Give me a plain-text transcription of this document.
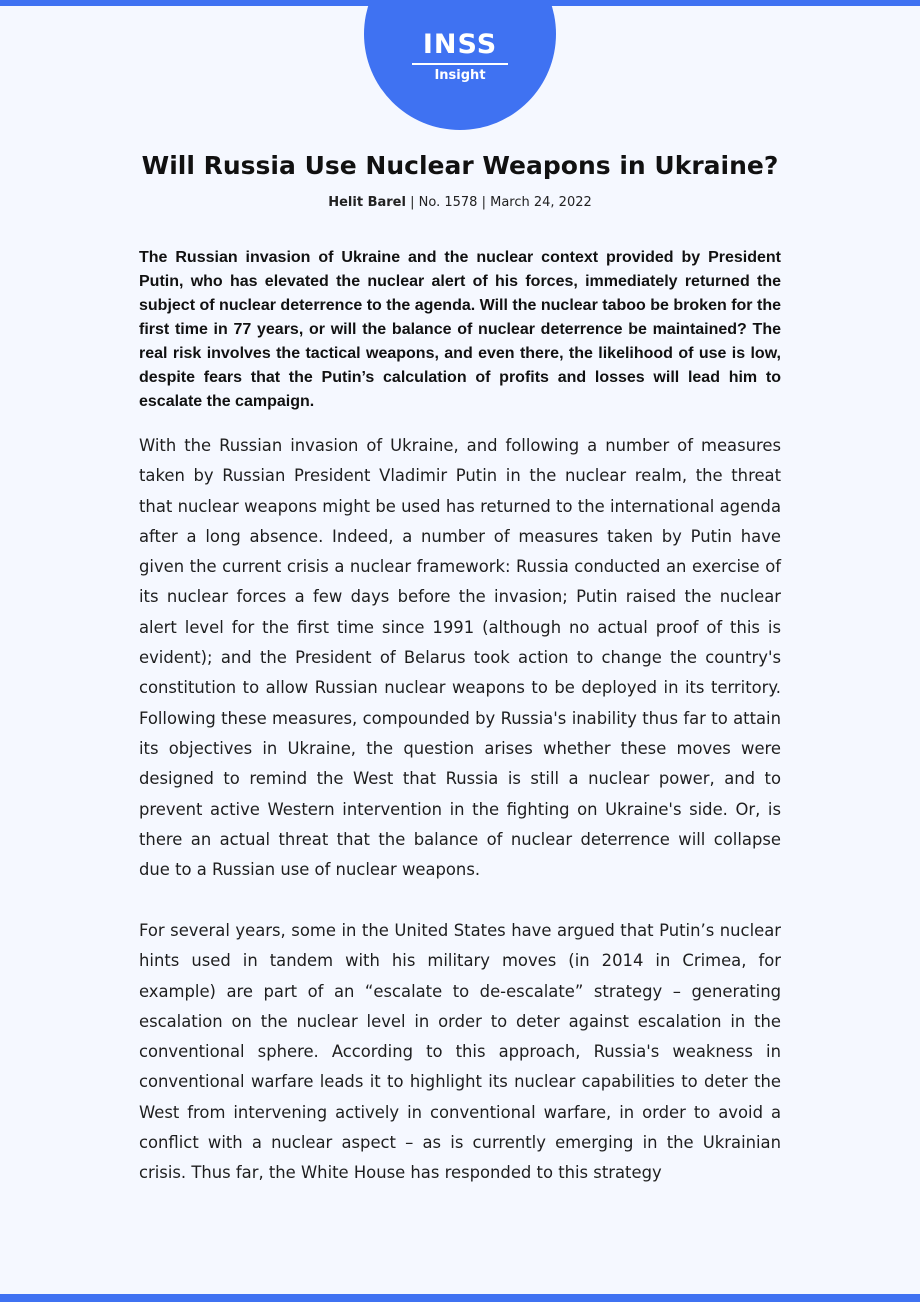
INSS
Insight
Will Russia Use Nuclear Weapons in Ukraine?
Helit Barel | No. 1578 | March 24, 2022

The Russian invasion of Ukraine and the nuclear context provided by President Putin, who has elevated the nuclear alert of his forces, immediately returned the subject of nuclear deterrence to the agenda. Will the nuclear taboo be broken for the first time in 77 years, or will the balance of nuclear deterrence be maintained? The real risk involves the tactical weapons, and even there, the likelihood of use is low, despite fears that the Putin’s calculation of profits and losses will lead him to escalate the campaign.

With the Russian invasion of Ukraine, and following a number of measures taken by Russian President Vladimir Putin in the nuclear realm, the threat that nuclear weapons might be used has returned to the international agenda after a long absence. Indeed, a number of measures taken by Putin have given the current crisis a nuclear framework: Russia conducted an exercise of its nuclear forces a few days before the invasion; Putin raised the nuclear alert level for the first time since 1991 (although no actual proof of this is evident); and the President of Belarus took action to change the country's constitution to allow Russian nuclear weapons to be deployed in its territory. Following these measures, compounded by Russia's inability thus far to attain its objectives in Ukraine, the question arises whether these moves were designed to remind the West that Russia is still a nuclear power, and to prevent active Western intervention in the fighting on Ukraine's side. Or, is there an actual threat that the balance of nuclear deterrence will collapse due to a Russian use of nuclear weapons.

For several years, some in the United States have argued that Putin’s nuclear hints used in tandem with his military moves (in 2014 in Crimea, for example) are part of an “escalate to de-escalate” strategy – generating escalation on the nuclear level in order to deter against escalation in the conventional sphere. According to this approach, Russia's weakness in conventional warfare leads it to highlight its nuclear capabilities to deter the West from intervening actively in conventional warfare, in order to avoid a conflict with a nuclear aspect – as is currently emerging in the Ukrainian crisis. Thus far, the White House has responded to this strategy
